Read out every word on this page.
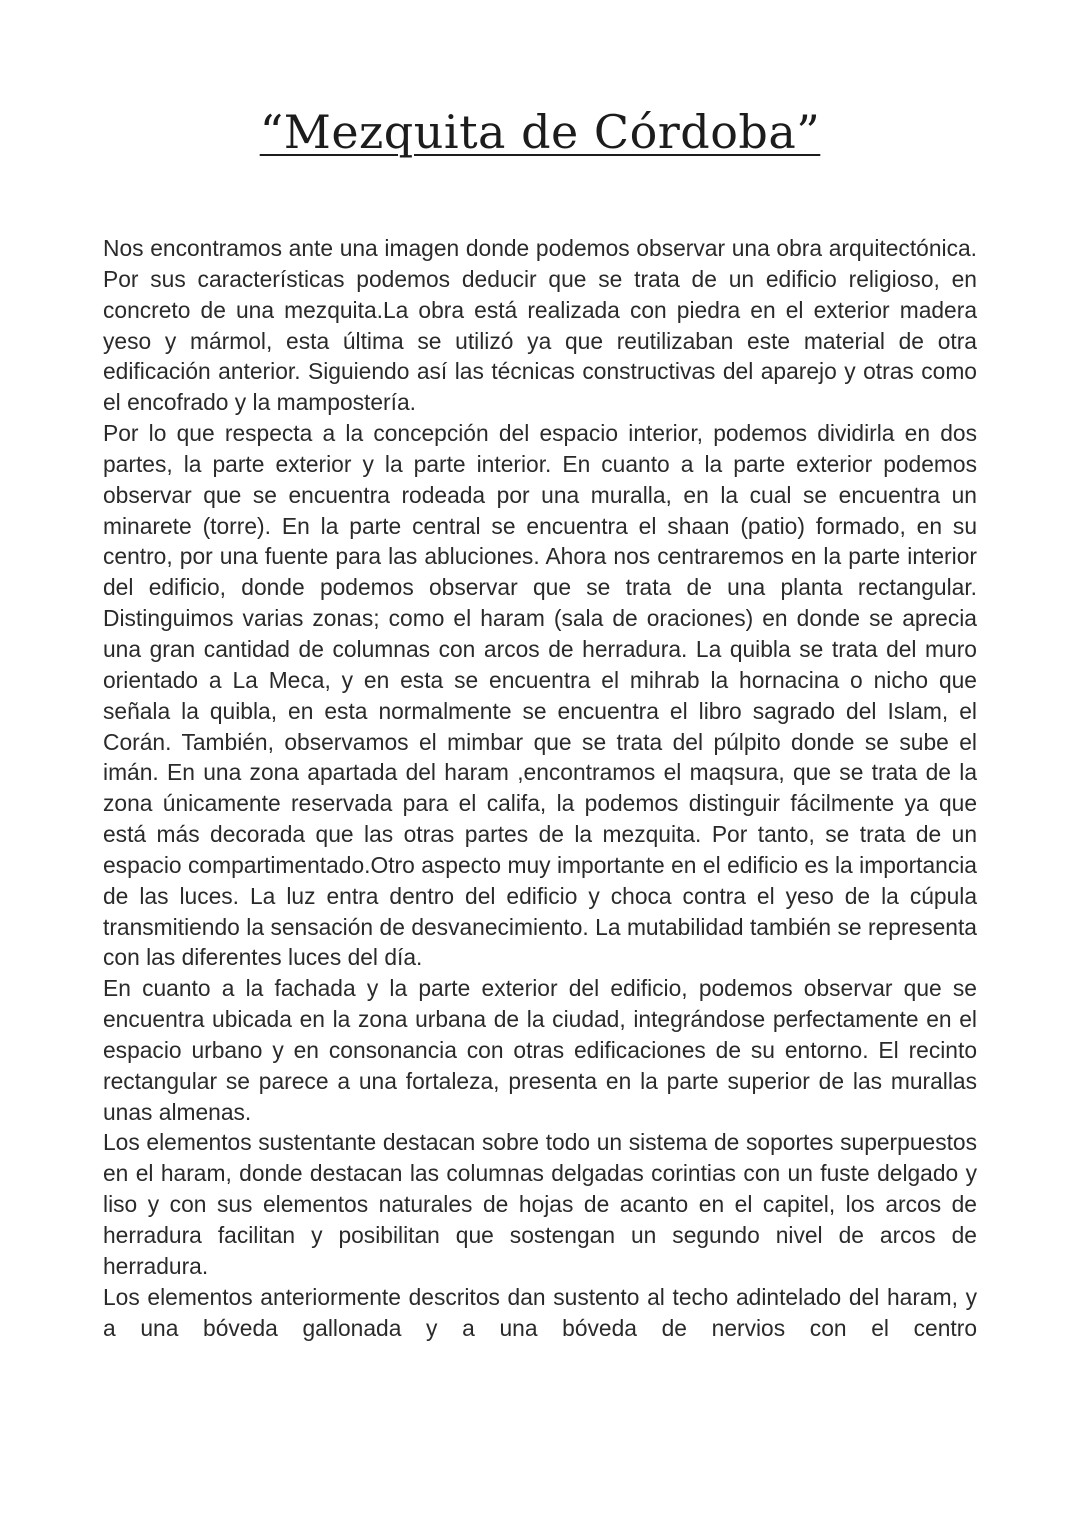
“Mezquita de Córdoba”

Nos encontramos ante una imagen donde podemos observar una obra arquitectónica. Por sus características podemos deducir que se trata de un edificio religioso, en concreto de una mezquita.La obra está realizada con piedra en el exterior madera yeso y mármol, esta última se utilizó ya que reutilizaban este material de otra edificación anterior. Siguiendo así las técnicas constructivas del aparejo y otras como el encofrado y la mampostería.

Por lo que respecta a la concepción del espacio interior, podemos dividirla en dos partes, la parte exterior y la parte interior. En cuanto a la parte exterior podemos observar que se encuentra rodeada por una muralla, en la cual se encuentra un minarete (torre). En la parte central se encuentra el shaan (patio) formado, en su centro, por una fuente para las abluciones. Ahora nos centraremos en la parte interior del edificio, donde podemos observar que se trata de una planta rectangular. Distinguimos varias zonas; como el haram (sala de oraciones) en donde se aprecia una gran cantidad de columnas con arcos de herradura. La quibla se trata del muro orientado a La Meca, y en esta se encuentra el mihrab la hornacina o nicho que señala la quibla, en esta normalmente se encuentra el libro sagrado del Islam, el Corán. También, observamos el mimbar que se trata del púlpito donde se sube el imán. En una zona apartada del haram ,encontramos el maqsura, que se trata de la zona únicamente reservada para el califa, la podemos distinguir fácilmente ya que está más decorada que las otras partes de la mezquita. Por tanto, se trata de un espacio compartimentado.Otro aspecto muy importante en el edificio es la importancia de las luces. La luz entra dentro del edificio y choca contra el yeso de la cúpula transmitiendo la sensación de desvanecimiento. La mutabilidad también se representa con las diferentes luces del día.

En cuanto a la fachada y la parte exterior del edificio, podemos observar que se encuentra ubicada en la zona urbana de la ciudad, integrándose perfectamente en el espacio urbano y en consonancia con otras edificaciones de su entorno. El recinto rectangular se parece a una fortaleza, presenta en la parte superior de las murallas unas almenas.

Los elementos sustentante destacan sobre todo un sistema de soportes superpuestos en el haram, donde destacan las columnas delgadas corintias con un fuste delgado y liso y con sus elementos naturales de hojas de acanto en el capitel, los arcos de herradura facilitan y posibilitan que sostengan un segundo nivel de arcos de herradura.

Los elementos anteriormente descritos dan sustento al techo adintelado del haram, y a una bóveda gallonada y a una bóveda de nervios con el centro
